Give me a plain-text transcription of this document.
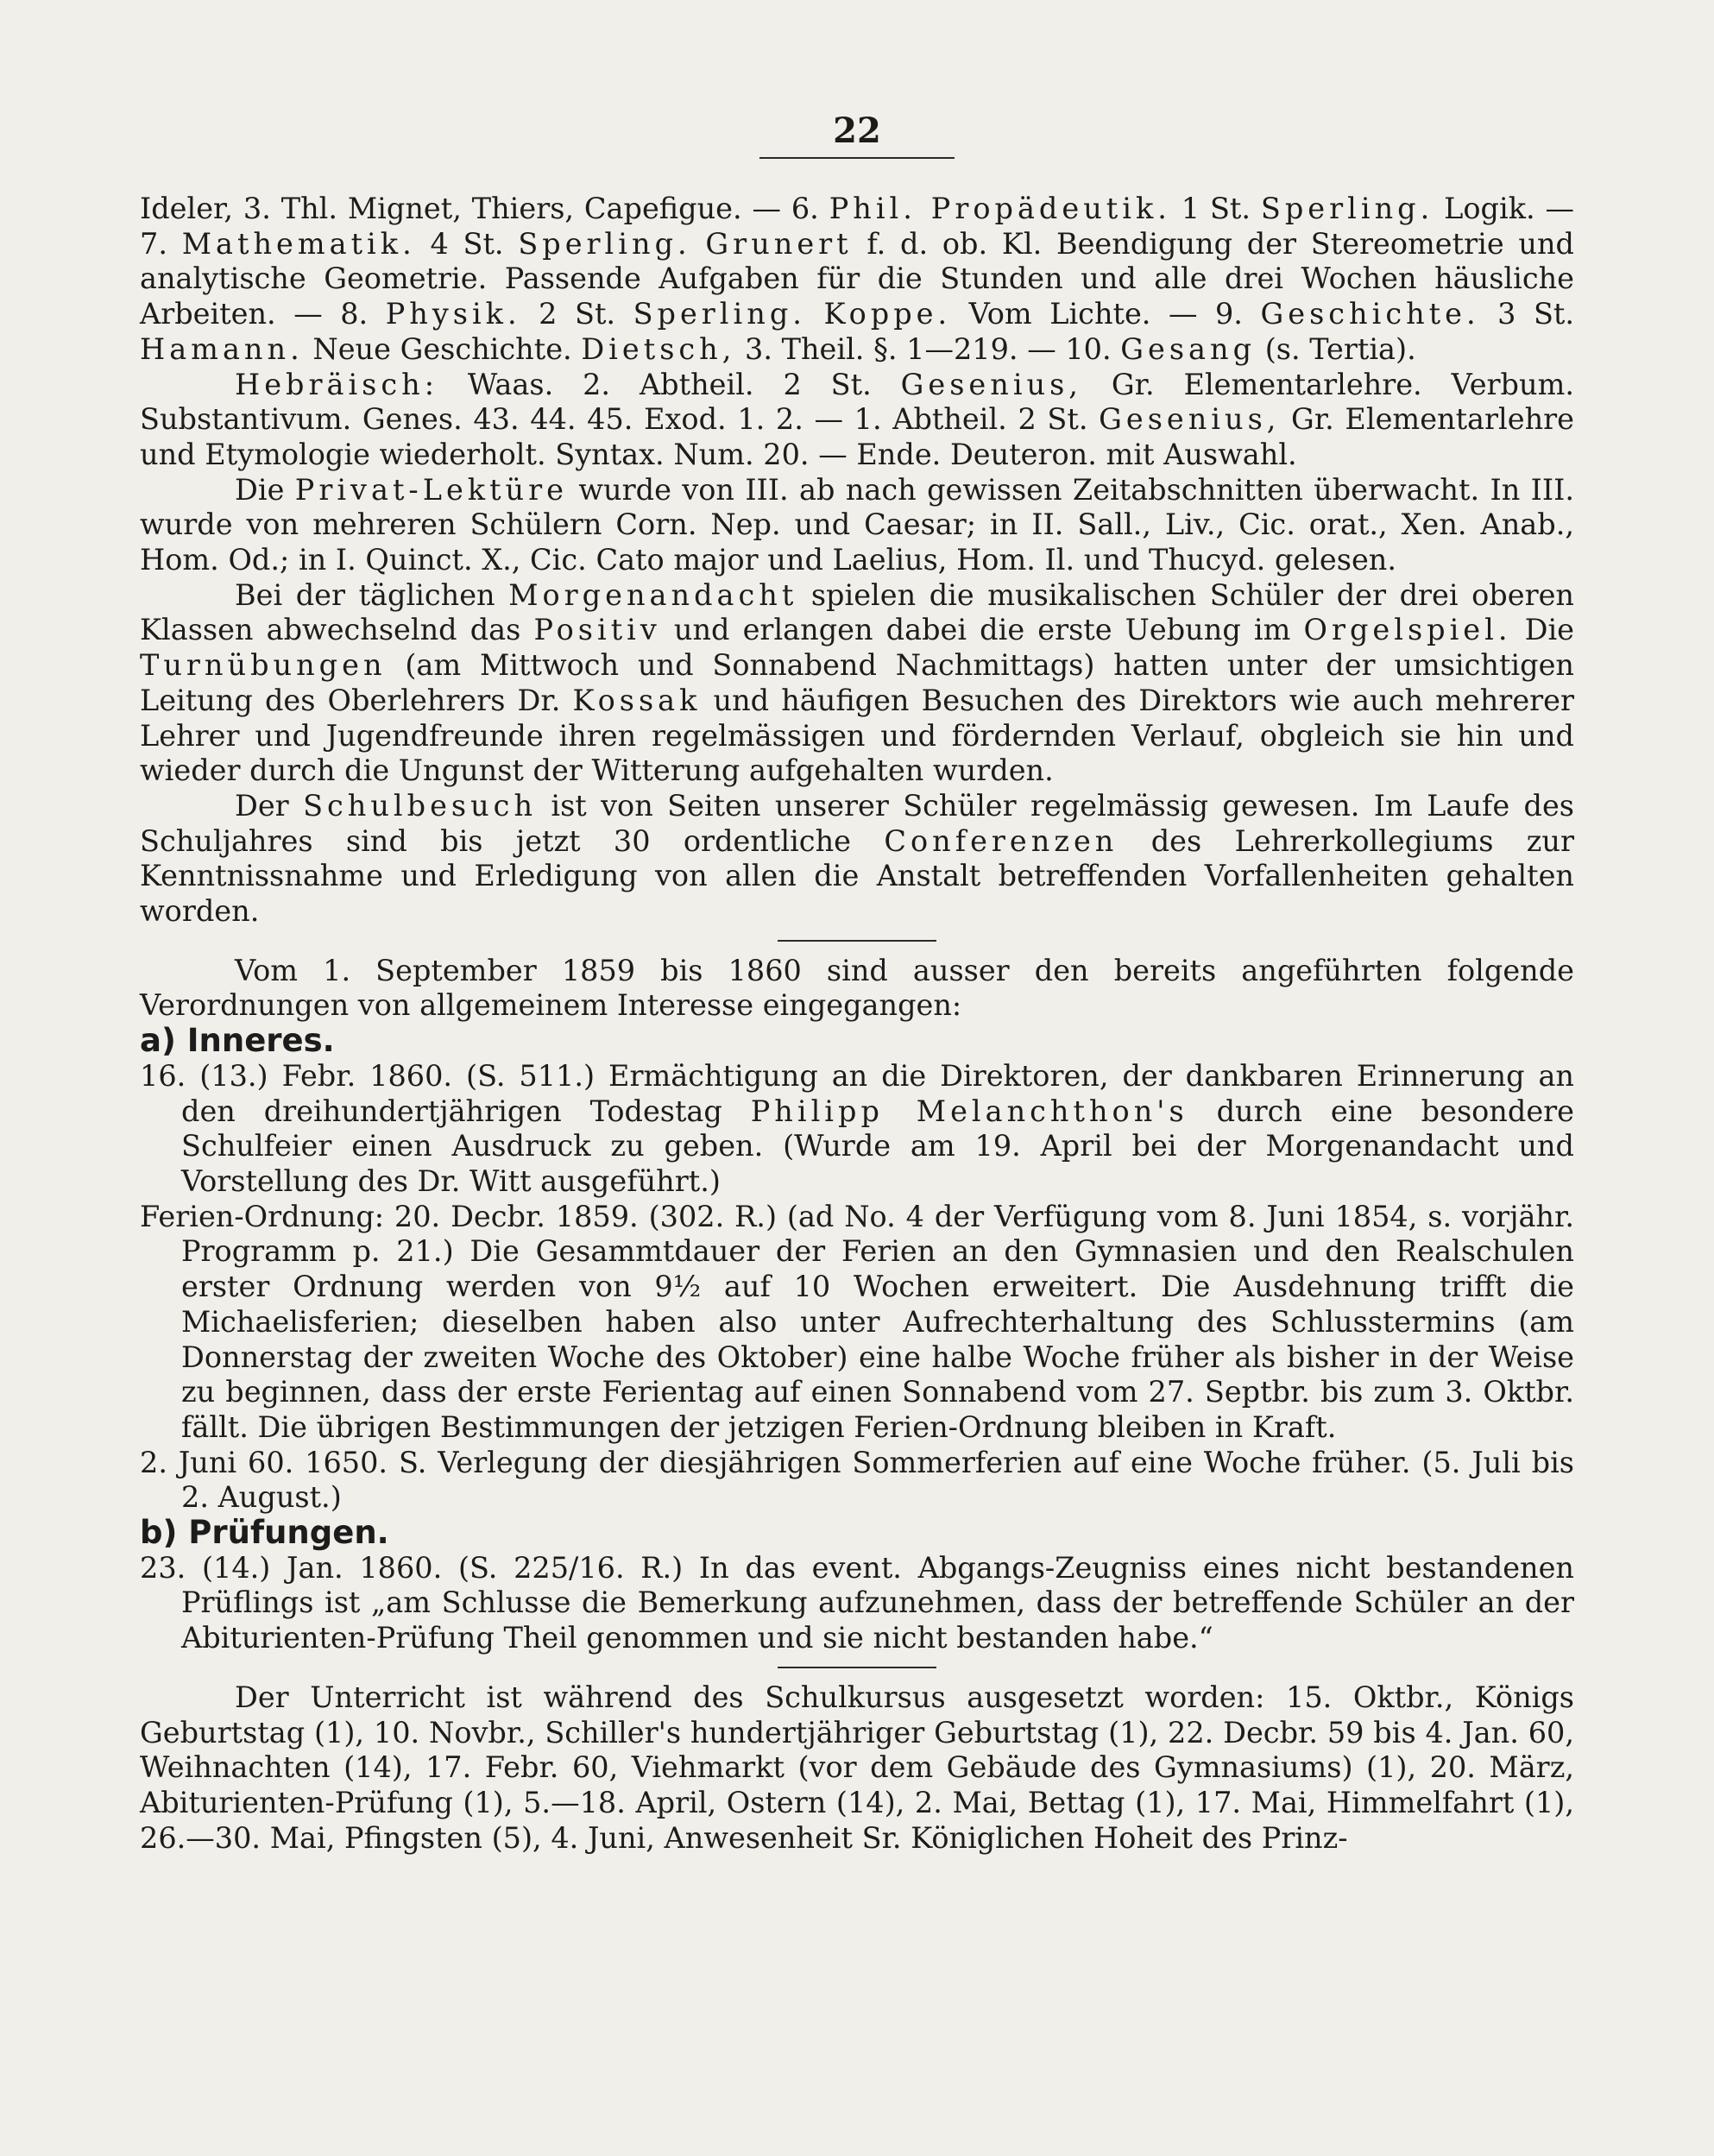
22

Ideler, 3. Thl. Mignet, Thiers, Capefigue. — 6. Phil. Propädeutik. 1 St. Sperling. Logik. — 7. Mathematik. 4 St. Sperling. Grunert f. d. ob. Kl. Beendigung der Stereometrie und analytische Geometrie. Passende Aufgaben für die Stunden und alle drei Wochen häusliche Arbeiten. — 8. Physik. 2 St. Sperling. Koppe. Vom Lichte. — 9. Geschichte. 3 St. Hamann. Neue Geschichte. Dietsch, 3. Theil. §. 1—219. — 10. Gesang (s. Tertia).

Hebräisch: Waas. 2. Abtheil. 2 St. Gesenius, Gr. Elementarlehre. Verbum. Substantivum. Genes. 43. 44. 45. Exod. 1. 2. — 1. Abtheil. 2 St. Gesenius, Gr. Elementarlehre und Etymologie wiederholt. Syntax. Num. 20. — Ende. Deuteron. mit Auswahl.

Die Privat-Lektüre wurde von III. ab nach gewissen Zeitabschnitten überwacht. In III. wurde von mehreren Schülern Corn. Nep. und Caesar; in II. Sall., Liv., Cic. orat., Xen. Anab., Hom. Od.; in I. Quinct. X., Cic. Cato major und Laelius, Hom. Il. und Thucyd. gelesen.

Bei der täglichen Morgenandacht spielen die musikalischen Schüler der drei oberen Klassen abwechselnd das Positiv und erlangen dabei die erste Uebung im Orgelspiel. Die Turnübungen (am Mittwoch und Sonnabend Nachmittags) hatten unter der umsichtigen Leitung des Oberlehrers Dr. Kossak und häufigen Besuchen des Direktors wie auch mehrerer Lehrer und Jugendfreunde ihren regelmässigen und fördernden Verlauf, obgleich sie hin und wieder durch die Ungunst der Witterung aufgehalten wurden.

Der Schulbesuch ist von Seiten unserer Schüler regelmässig gewesen. Im Laufe des Schuljahres sind bis jetzt 30 ordentliche Conferenzen des Lehrerkollegiums zur Kenntnissnahme und Erledigung von allen die Anstalt betreffenden Vorfallenheiten gehalten worden.

Vom 1. September 1859 bis 1860 sind ausser den bereits angeführten folgende Verordnungen von allgemeinem Interesse eingegangen:

a) Inneres.

16. (13.) Febr. 1860. (S. 511.) Ermächtigung an die Direktoren, der dankbaren Erinnerung an den dreihundertjährigen Todestag Philipp Melanchthon's durch eine besondere Schulfeier einen Ausdruck zu geben. (Wurde am 19. April bei der Morgenandacht und Vorstellung des Dr. Witt ausgeführt.)

Ferien-Ordnung: 20. Decbr. 1859. (302. R.) (ad No. 4 der Verfügung vom 8. Juni 1854, s. vorjähr. Programm p. 21.) Die Gesammtdauer der Ferien an den Gymnasien und den Realschulen erster Ordnung werden von 9½ auf 10 Wochen erweitert. Die Ausdehnung trifft die Michaelisferien; dieselben haben also unter Aufrechterhaltung des Schlusstermins (am Donnerstag der zweiten Woche des Oktober) eine halbe Woche früher als bisher in der Weise zu beginnen, dass der erste Ferientag auf einen Sonnabend vom 27. Septbr. bis zum 3. Oktbr. fällt. Die übrigen Bestimmungen der jetzigen Ferien-Ordnung bleiben in Kraft.

2. Juni 60. 1650. S. Verlegung der diesjährigen Sommerferien auf eine Woche früher. (5. Juli bis 2. August.)

b) Prüfungen.

23. (14.) Jan. 1860. (S. 225/16. R.) In das event. Abgangs-Zeugniss eines nicht bestandenen Prüflings ist „am Schlusse die Bemerkung aufzunehmen, dass der betreffende Schüler an der Abiturienten-Prüfung Theil genommen und sie nicht bestanden habe.“

Der Unterricht ist während des Schulkursus ausgesetzt worden: 15. Oktbr., Königs Geburtstag (1), 10. Novbr., Schiller's hundertjähriger Geburtstag (1), 22. Decbr. 59 bis 4. Jan. 60, Weihnachten (14), 17. Febr. 60, Viehmarkt (vor dem Gebäude des Gymnasiums) (1), 20. März, Abiturienten-Prüfung (1), 5.—18. April, Ostern (14), 2. Mai, Bettag (1), 17. Mai, Himmelfahrt (1), 26.—30. Mai, Pfingsten (5), 4. Juni, Anwesenheit Sr. Königlichen Hoheit des Prinz-
